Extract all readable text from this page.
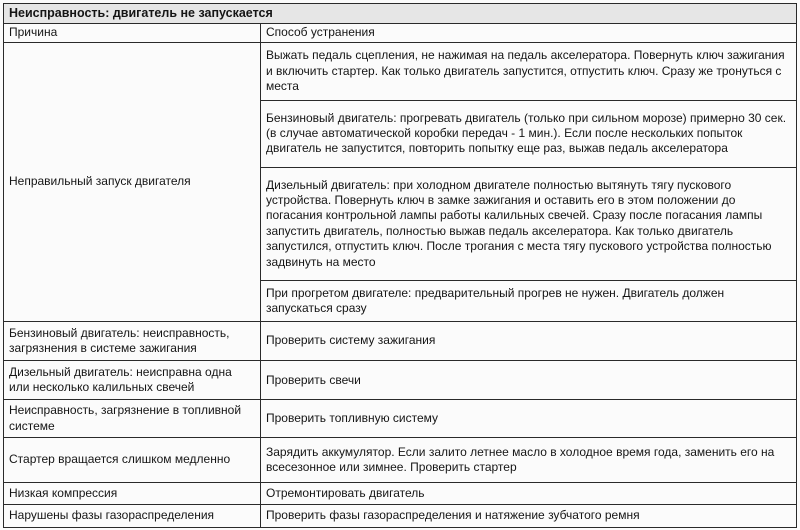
Неисправность: двигатель не запускается	
Причина	Способ устранения
Неправильный запуск двигателя	Выжать педаль сцепления, не нажимая на педаль акселератора. Повернуть ключ зажигания и включить стартер. Как только двигатель запустится, отпустить ключ. Сразу же тронуться с места
	Бензиновый двигатель: прогревать двигатель (только при сильном морозе) примерно 30 сек. (в случае автоматической коробки передач - 1 мин.). Если после нескольких попыток двигатель не запустится, повторить попытку еще раз, выжав педаль акселератора
	Дизельный двигатель: при холодном двигателе полностью вытянуть тягу пускового устройства. Повернуть ключ в замке зажигания и оставить его в этом положении до погасания контрольной лампы работы калильных свечей. Сразу после погасания лампы запустить двигатель, полностью выжав педаль акселератора. Как только двигатель запустился, отпустить ключ. После трогания с места тягу пускового устройства полностью задвинуть на место
	При прогретом двигателе: предварительный прогрев не нужен. Двигатель должен запускаться сразу
Бензиновый двигатель: неисправность, загрязнения в системе зажигания	Проверить систему зажигания
Дизельный двигатель: неисправна одна или несколько калильных свечей	Проверить свечи
Неисправность, загрязнение в топливной системе	Проверить топливную систему
Стартер вращается слишком медленно	Зарядить аккумулятор. Если залито летнее масло в холодное время года, заменить его на всесезонное или зимнее. Проверить стартер
Низкая компрессия	Отремонтировать двигатель
Нарушены фазы газораспределения	Проверить фазы газораспределения и натяжение зубчатого ремня
